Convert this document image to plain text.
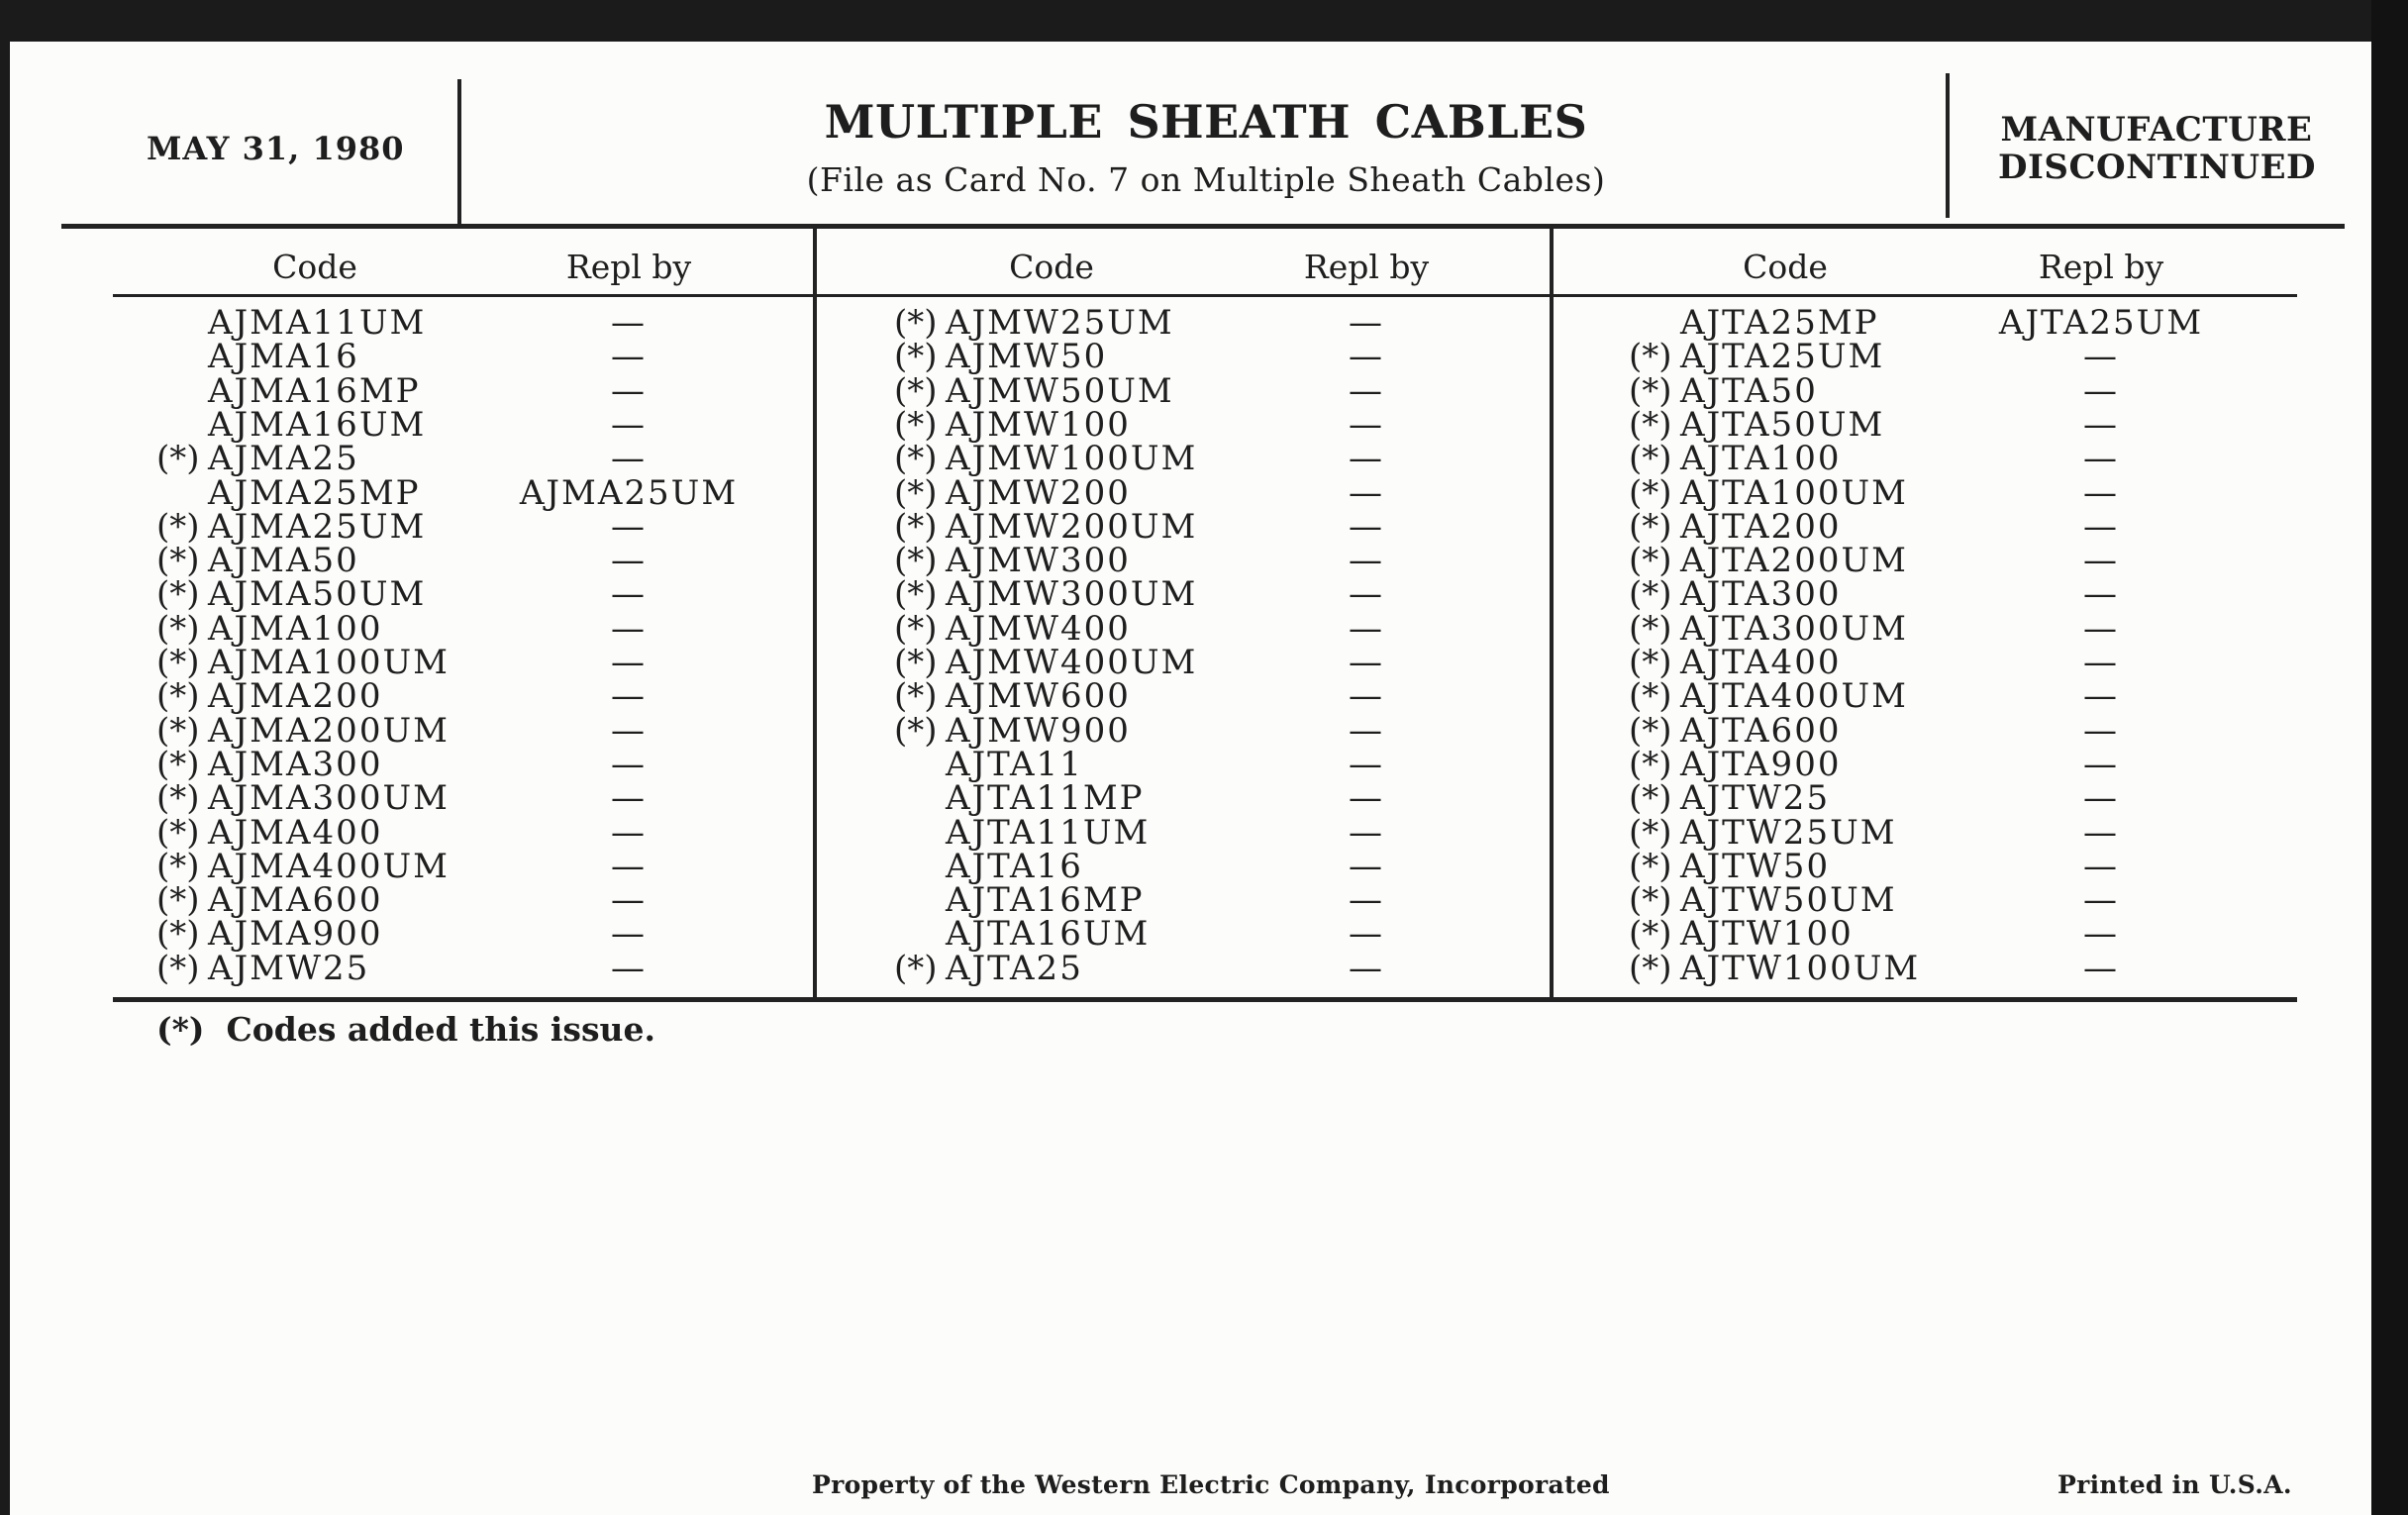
MAY 31, 1980	MULTIPLE SHEATH CABLES
(File as Card No. 7 on Multiple Sheath Cables)
MANUFACTURE
DISCONTINUED
Code	Repl by	Code	Repl by	Code	Repl by
AJMA11UM	—
AJMA16	—
AJMA16MP	—
AJMA16UM	—
(*) AJMA25	—
AJMA25MP	AJMA25UM
(*) AJMA25UM	—
(*) AJMA50	—
(*) AJMA50UM	—
(*) AJMA100	—
(*) AJMA100UM	—
(*) AJMA200	—
(*) AJMA200UM	—
(*) AJMA300	—
(*) AJMA300UM	—
(*) AJMA400	—
(*) AJMA400UM	—
(*) AJMA600	—
(*) AJMA900	—
(*) AJMW25	—
(*) AJMW25UM	—
(*) AJMW50	—
(*) AJMW50UM	—
(*) AJMW100	—
(*) AJMW100UM	—
(*) AJMW200	—
(*) AJMW200UM	—
(*) AJMW300	—
(*) AJMW300UM	—
(*) AJMW400	—
(*) AJMW400UM	—
(*) AJMW600	—
(*) AJMW900	—
AJTA11	—
AJTA11MP	—
AJTA11UM	—
AJTA16	—
AJTA16MP	—
AJTA16UM	—
(*) AJTA25	—
AJTA25MP	AJTA25UM
(*) AJTA25UM	—
(*) AJTA50	—
(*) AJTA50UM	—
(*) AJTA100	—
(*) AJTA100UM	—
(*) AJTA200	—
(*) AJTA200UM	—
(*) AJTA300	—
(*) AJTA300UM	—
(*) AJTA400	—
(*) AJTA400UM	—
(*) AJTA600	—
(*) AJTA900	—
(*) AJTW25	—
(*) AJTW25UM	—
(*) AJTW50	—
(*) AJTW50UM	—
(*) AJTW100	—
(*) AJTW100UM	—
(*) Codes added this issue.
Property of the Western Electric Company, Incorporated	Printed in U.S.A.
